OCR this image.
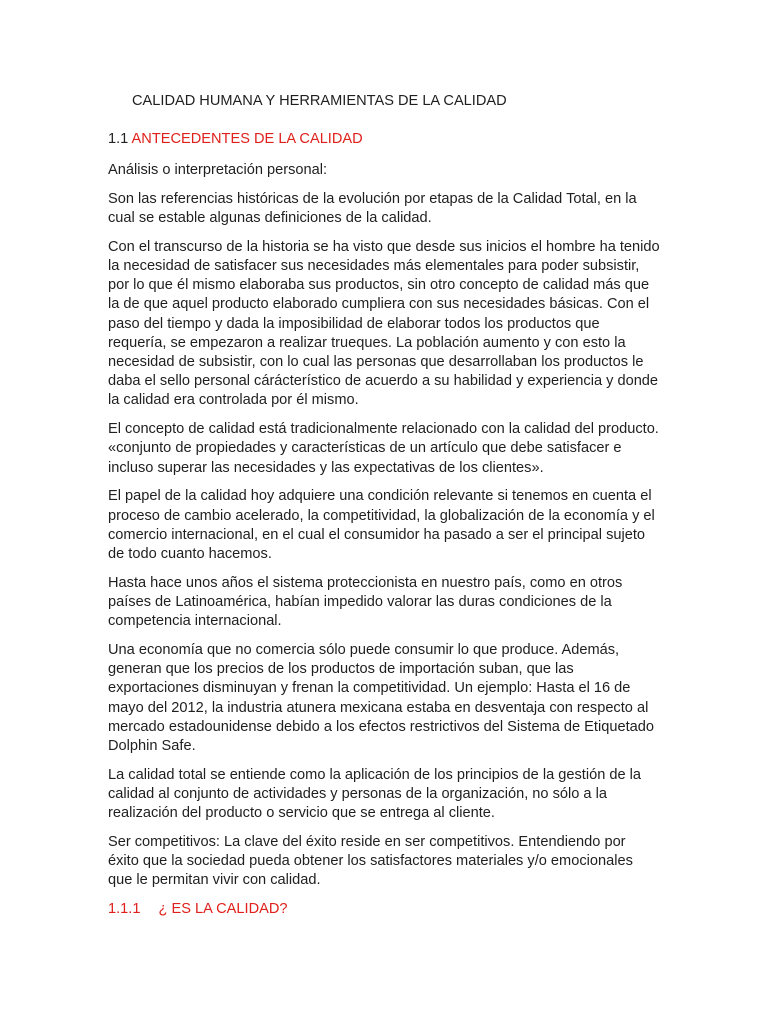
CALIDAD HUMANA Y HERRAMIENTAS DE LA CALIDAD
1.1 ANTECEDENTES DE LA CALIDAD

Análisis o interpretación personal:

Son las referencias históricas de la evolución por etapas de la Calidad Total, en la cual se estable algunas definiciones de la calidad.

Con el transcurso de la historia se ha visto que desde sus inicios el hombre ha tenido la necesidad de satisfacer sus necesidades más elementales para poder subsistir, por lo que él mismo elaboraba sus productos, sin otro concepto de calidad más que la de que aquel producto elaborado cumpliera con sus necesidades básicas. Con el paso del tiempo y dada la imposibilidad de elaborar todos los productos que requería, se empezaron a realizar trueques. La población aumento y con esto la necesidad de subsistir, con lo cual las personas que desarrollaban los productos le daba el sello personal cárácterístico de acuerdo a su habilidad y experiencia y donde la calidad era controlada por él mismo.

El concepto de calidad está tradicionalmente relacionado con la calidad del producto. «conjunto de propiedades y características de un artículo que debe satisfacer e incluso superar las necesidades y las expectativas de los clientes».

El papel de la calidad hoy adquiere una condición relevante si tenemos en cuenta el proceso de cambio acelerado, la competitividad, la globalización de la economía y el comercio internacional, en el cual el consumidor ha pasado a ser el principal sujeto de todo cuanto hacemos.

Hasta hace unos años el sistema proteccionista en nuestro país, como en otros países de Latinoamérica, habían impedido valorar las duras condiciones de la competencia internacional.

Una economía que no comercia sólo puede consumir lo que produce. Además, generan que los precios de los productos de importación suban, que las exportaciones disminuyan y frenan la competitividad. Un ejemplo: Hasta el 16 de mayo del 2012, la industria atunera mexicana estaba en desventaja con respecto al mercado estadounidense debido a los efectos restrictivos del Sistema de Etiquetado Dolphin Safe.

La calidad total se entiende como la aplicación de los principios de la gestión de la calidad al conjunto de actividades y personas de la organización, no sólo a la realización del producto o servicio que se entrega al cliente.

Ser competitivos: La clave del éxito reside en ser competitivos. Entendiendo por éxito que la sociedad pueda obtener los satisfactores materiales y/o emocionales que le permitan vivir con calidad.

1.1.1 ¿ ES LA CALIDAD?
